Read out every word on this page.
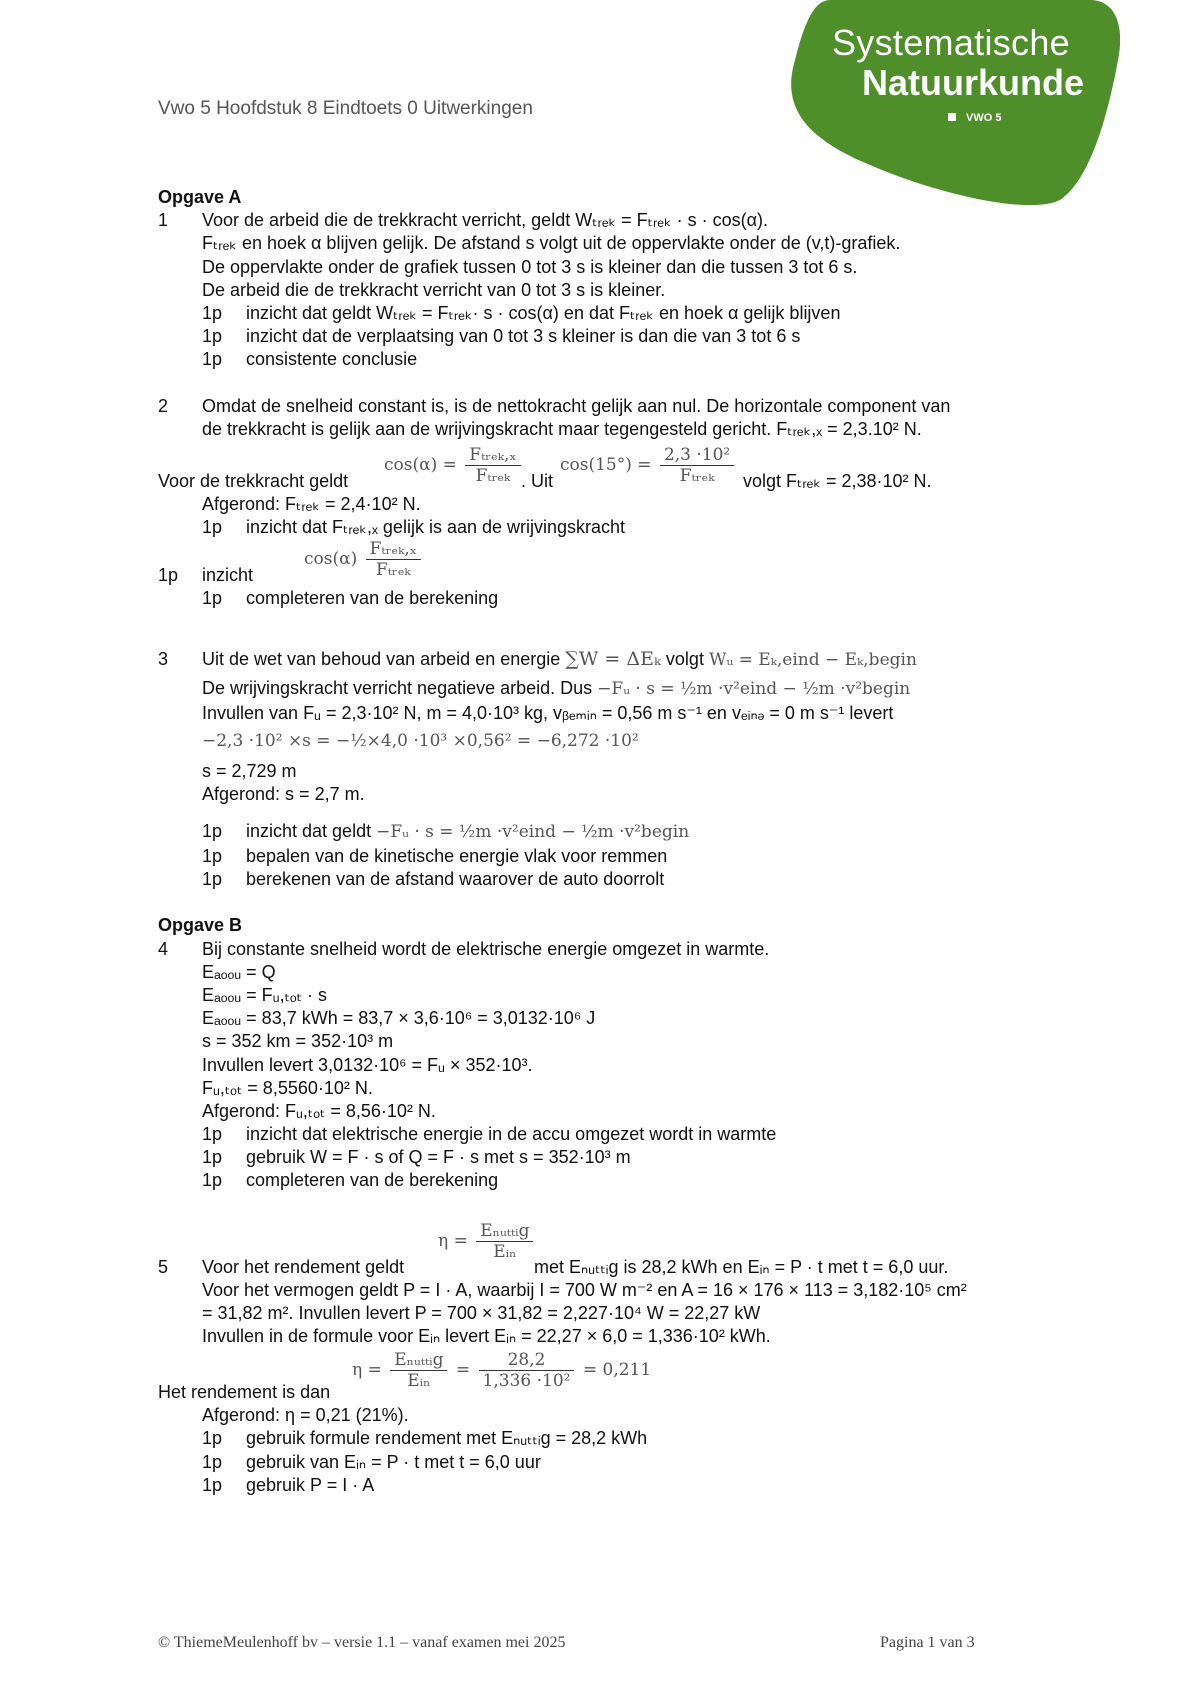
Systematische
Natuurkunde
VWO 5
Vwo 5 Hoofdstuk 8 Eindtoets 0 Uitwerkingen
Opgave A
1 Voor de arbeid die de trekkracht verricht, geldt Wₜᵣₑₖ = Fₜᵣₑₖ · s · cos(α).
Fₜᵣₑₖ en hoek α blijven gelijk. De afstand s volgt uit de oppervlakte onder de (v,t)-grafiek.
De oppervlakte onder de grafiek tussen 0 tot 3 s is kleiner dan die tussen 3 tot 6 s.
De arbeid die de trekkracht verricht van 0 tot 3 s is kleiner.
1p inzicht dat geldt Wₜᵣₑₖ = Fₜᵣₑₖ· s · cos(α) en dat Fₜᵣₑₖ en hoek α gelijk blijven
1p inzicht dat de verplaatsing van 0 tot 3 s kleiner is dan die van 3 tot 6 s
1p consistente conclusie
2 Omdat de snelheid constant is, is de nettokracht gelijk aan nul. De horizontale component van
de trekkracht is gelijk aan de wrijvingskracht maar tegengesteld gericht. Fₜᵣₑₖ,ₓ = 2,3.10² N.
Voor de trekkracht geldt
$\cos(\alpha) = \frac{\text{Fₜᵣₑₖ,ₓ}}{\text{Fₜᵣₑₖ}}$ . Uit
$\cos(15^\circ) = \frac{\text{2,3 ·10²}}{\text{Fₜᵣₑₖ}}$ volgt Fₜᵣₑₖ = 2,38·10² N.
Afgerond: Fₜᵣₑₖ = 2,4·10² N.
1p inzicht dat Fₜᵣₑₖ,ₓ gelijk is aan de wrijvingskracht
1p inzicht
$\cos(\alpha) \frac{\text{Fₜᵣₑₖ,ₓ}}{\text{Fₜᵣₑₖ}}$
1p completeren van de berekening
3 Uit de wet van behoud van arbeid en energie ∑W = ΔEₖ volgt Wᵤ = Eₖ,eind − Eₖ,begin
De wrijvingskracht verricht negatieve arbeid. Dus −Fᵤ · s = ½m ·v²eind − ½m ·v²begin
Invullen van Fᵤ = 2,3·10² N, m = 4,0·10³ kg, vᵦₑₘᵢₙ = 0,56 m s⁻¹ en vₑᵢₙₔ = 0 m s⁻¹ levert
−2,3 ·10² ×s = −½×4,0 ·10³ ×0,56² = −6,272 ·10²
s = 2,729 m
Afgerond: s = 2,7 m.
1p inzicht dat geldt −Fᵤ · s = ½m ·v²eind − ½m ·v²begin
1p bepalen van de kinetische energie vlak voor remmen
1p berekenen van de afstand waarover de auto doorrolt
Opgave B
4 Bij constante snelheid wordt de elektrische energie omgezet in warmte.
Eₐₒₒᵤ = Q
Eₐₒₒᵤ = Fᵤ,ₜₒₜ · s
Eₐₒₒᵤ = 83,7 kWh = 83,7 × 3,6·10⁶ = 3,0132·10⁶ J
s = 352 km = 352·10³ m
Invullen levert 3,0132·10⁶ = Fᵤ × 352·10³.
Fᵤ,ₜₒₜ = 8,5560·10² N.
Afgerond: Fᵤ,ₜₒₜ = 8,56·10² N.
1p inzicht dat elektrische energie in de accu omgezet wordt in warmte
1p gebruik W = F · s of Q = F · s met s = 352·10³ m
1p completeren van de berekening
5 Voor het rendement geldt
$\eta = \frac{\text{Eₙᵤₜₜᵢg}}{\text{Eᵢₙ}}$
met Eₙᵤₜₜᵢg is 28,2 kWh en Eᵢₙ = P · t met t = 6,0 uur.
Voor het vermogen geldt P = I · A, waarbij I = 700 W m⁻² en A = 16 × 176 × 113 = 3,182·10⁵ cm²
= 31,82 m². Invullen levert P = 700 × 31,82 = 2,227·10⁴ W = 22,27 kW
Invullen in de formule voor Eᵢₙ levert Eᵢₙ = 22,27 × 6,0 = 1,336·10² kWh.
Het rendement is dan
$\eta = \frac{\text{Eₙᵤₜₜᵢg}}{\text{Eᵢₙ}} = \frac{28,2}{\text{1,336 ·10²}} = 0,211$
Afgerond: η = 0,21 (21%).
1p gebruik formule rendement met Eₙᵤₜₜᵢg = 28,2 kWh
1p gebruik van Eᵢₙ = P · t met t = 6,0 uur
1p gebruik P = I · A
© ThiemeMeulenhoff bv – versie 1.1 – vanaf examen mei 2025	Pagina 1 van 3
